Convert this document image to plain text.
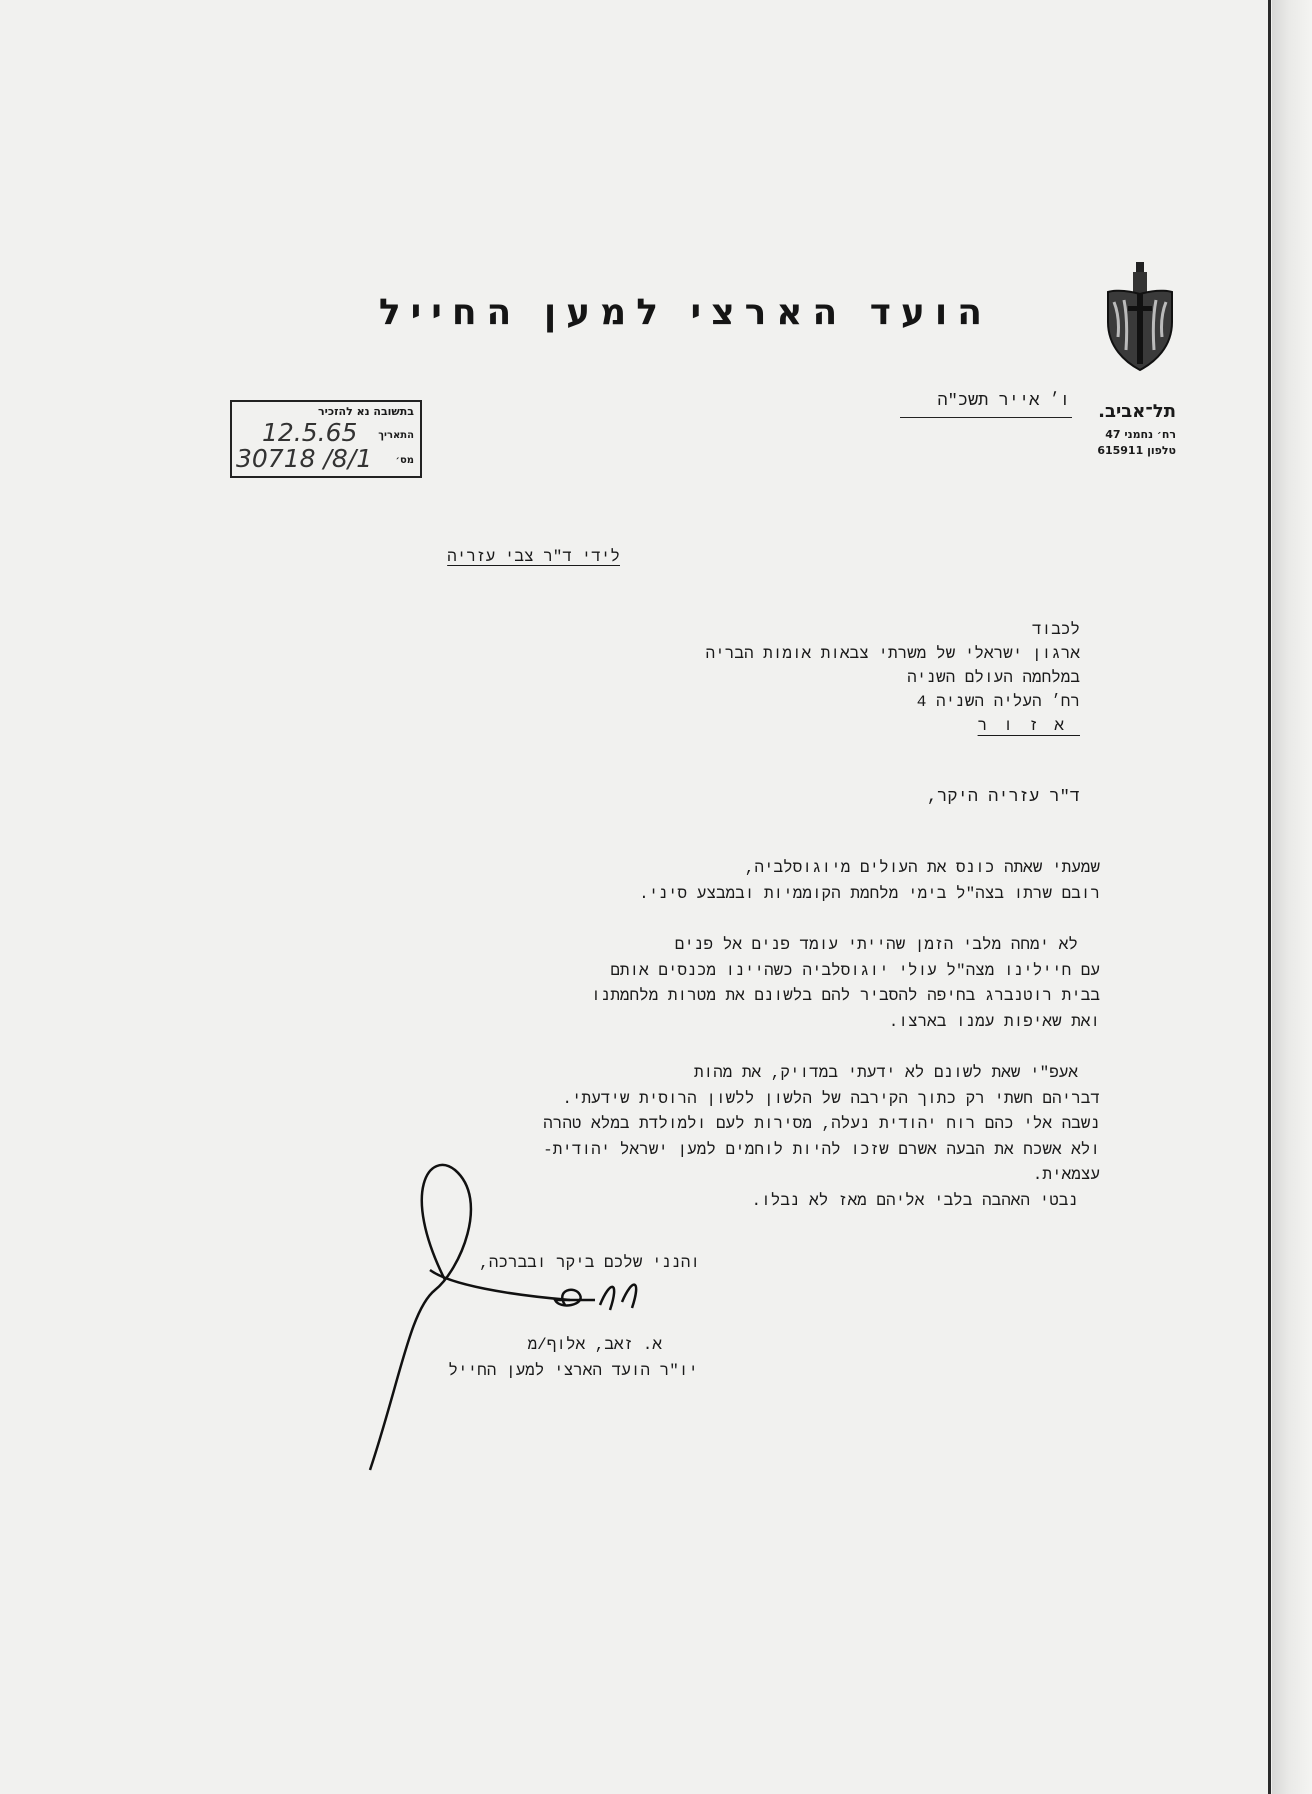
הועד הארצי למען החייל
תל־אביב.
רח׳ נחמני 47
טלפון 615911
ו׳ אייר תשכ"ה
בתשובה נא להזכיר
התאריך
12.5.65
מס׳
30718 /8/1
לידי ד"ר צבי עזריה
לכבוד
ארגון ישראלי של משרתי צבאות אומות הבריה
במלחמה העולם השניה
רח׳ העליה השניה 4
אזור
ד"ר עזריה היקר,

שמעתי שאתה כונס את העולים מיוגוסלביה,
רובם שרתו בצה"ל בימי מלחמת הקוממיות ובמבצע סיני.

לא ימחה מלבי הזמן שהייתי עומד פנים אל פנים
עם חיילינו מצה"ל עולי יוגוסלביה כשהיינו מכנסים אותם
בבית רוטנברג בחיפה להסביר להם בלשונם את מטרות מלחמתנו
ואת שאיפות עמנו בארצו.

אעפ"י שאת לשונם לא ידעתי במדויק, את מהות
דבריהם חשתי רק כתוך הקירבה של הלשון ללשון הרוסית שידעתי.
נשבה אלי כהם רוח יהודית נעלה, מסירות לעם ולמולדת במלא טהרה
ולא אשכח את הבעה אשרם שזכו להיות לוחמים למען ישראל יהודית-
עצמאית.
נבטי האהבה בלבי אליהם מאז לא נבלו.

והנני שלכם ביקר ובברכה,
א. זאב, אלוף/מ
יו"ר הועד הארצי למען החייל
